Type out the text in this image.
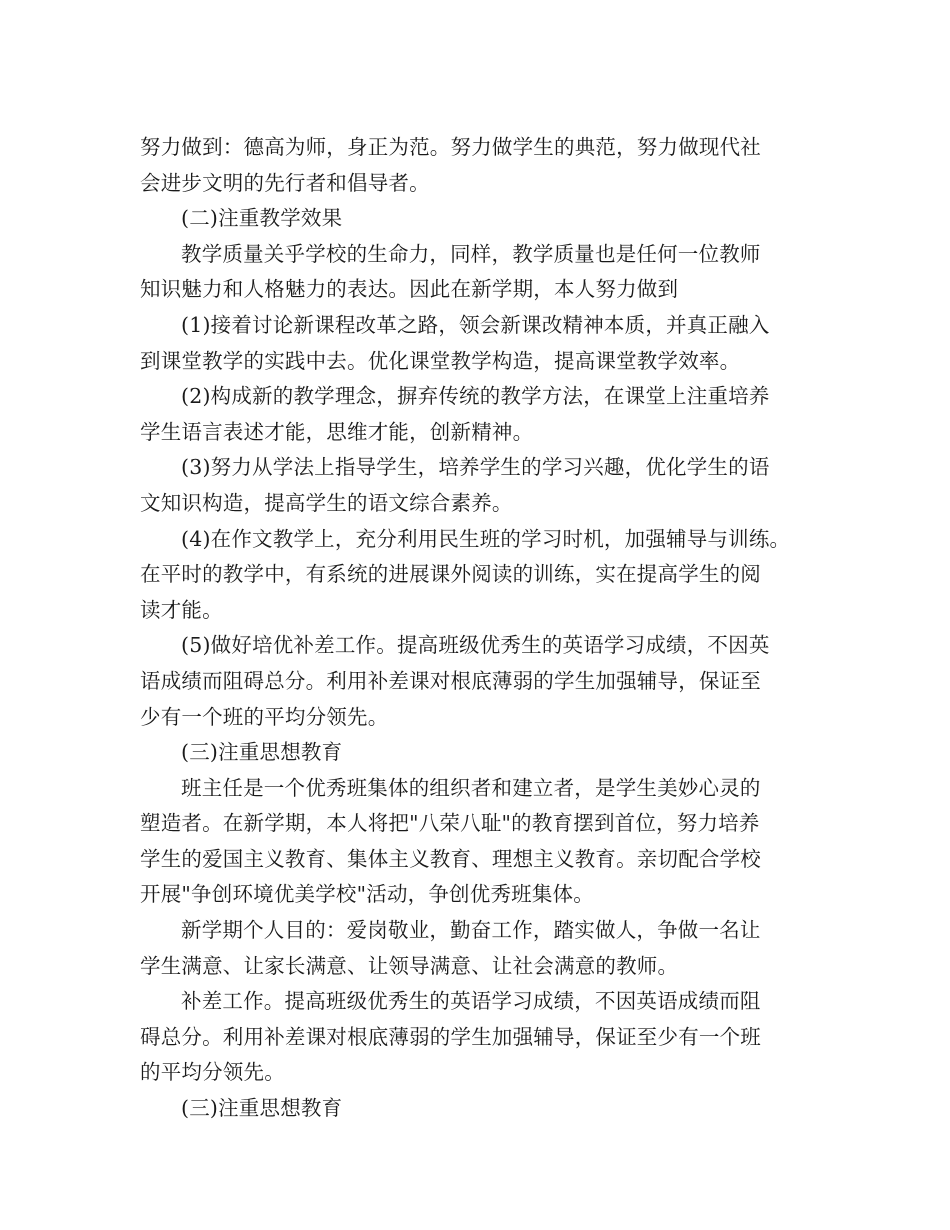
努力做到：德高为师，身正为范。努力做学生的典范，努力做现代社
会进步文明的先行者和倡导者。
(二)注重教学效果
教学质量关乎学校的生命力，同样，教学质量也是任何一位教师
知识魅力和人格魅力的表达。因此在新学期，本人努力做到
(1)接着讨论新课程改革之路，领会新课改精神本质，并真正融入
到课堂教学的实践中去。优化课堂教学构造，提高课堂教学效率。
(2)构成新的教学理念，摒弃传统的教学方法，在课堂上注重培养
学生语言表述才能，思维才能，创新精神。
(3)努力从学法上指导学生，培养学生的学习兴趣，优化学生的语
文知识构造，提高学生的语文综合素养。
(4)在作文教学上，充分利用民生班的学习时机，加强辅导与训练。
在平时的教学中，有系统的进展课外阅读的训练，实在提高学生的阅
读才能。
(5)做好培优补差工作。提高班级优秀生的英语学习成绩，不因英
语成绩而阻碍总分。利用补差课对根底薄弱的学生加强辅导，保证至
少有一个班的平均分领先。
(三)注重思想教育
班主任是一个优秀班集体的组织者和建立者，是学生美妙心灵的
塑造者。在新学期，本人将把"八荣八耻"的教育摆到首位，努力培养
学生的爱国主义教育、集体主义教育、理想主义教育。亲切配合学校
开展"争创环境优美学校"活动，争创优秀班集体。
新学期个人目的：爱岗敬业，勤奋工作，踏实做人，争做一名让
学生满意、让家长满意、让领导满意、让社会满意的教师。
补差工作。提高班级优秀生的英语学习成绩，不因英语成绩而阻
碍总分。利用补差课对根底薄弱的学生加强辅导，保证至少有一个班
的平均分领先。
(三)注重思想教育
